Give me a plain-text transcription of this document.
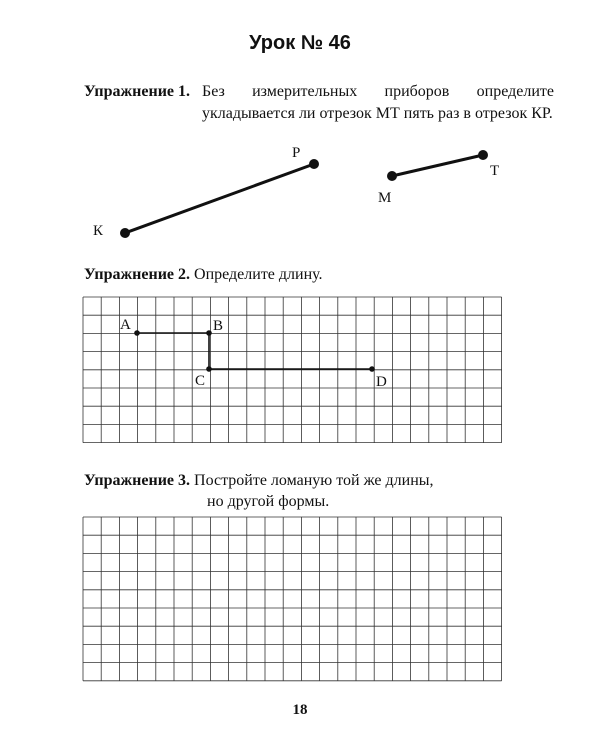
Урок № 46
Упражнение 1. Без измерительных приборов определите укладывается ли отрезок МТ пять раз в отрезок КР.
Упражнение 2. Определите длину.
Упражнение 3. Постройте ломаную той же длины,
но другой формы.
К
Р
М
Т
A	B
C	D
18
